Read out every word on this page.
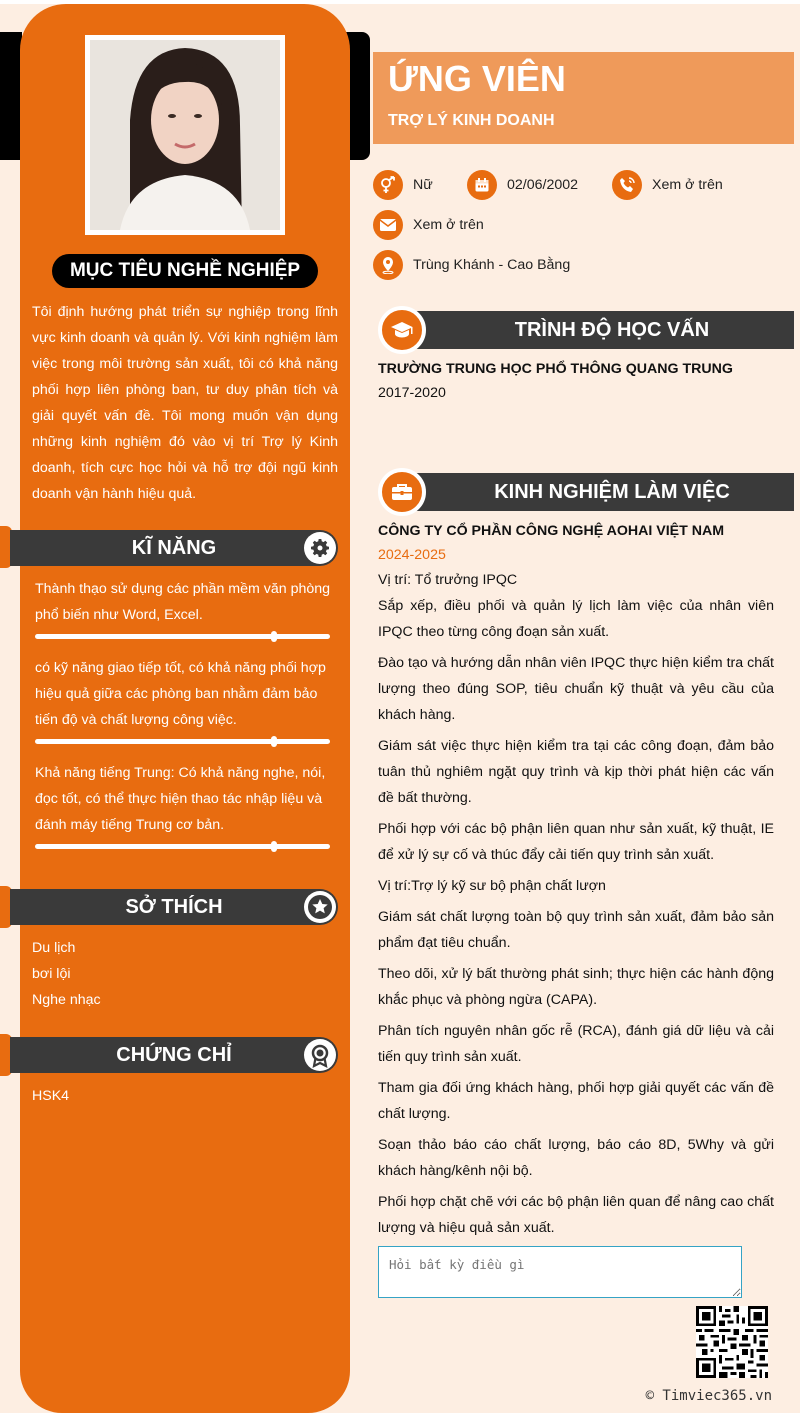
MỤC TIÊU NGHỀ NGHIỆP
Tôi định hướng phát triển sự nghiệp trong lĩnh vực kinh doanh và quản lý. Với kinh nghiệm làm việc trong môi trường sản xuất, tôi có khả năng phối hợp liên phòng ban, tư duy phân tích và giải quyết vấn đề. Tôi mong muốn vận dụng những kinh nghiệm đó vào vị trí Trợ lý Kinh doanh, tích cực học hỏi và hỗ trợ đội ngũ kinh doanh vận hành hiệu quả.
KĨ NĂNG
Thành thạo sử dụng các phần mềm văn phòng phổ biến như Word, Excel.
có kỹ năng giao tiếp tốt, có khả năng phối hợp hiệu quả giữa các phòng ban nhằm đảm bảo tiến độ và chất lượng công việc.
Khả năng tiếng Trung: Có khả năng nghe, nói, đọc tốt, có thể thực hiện thao tác nhập liệu và đánh máy tiếng Trung cơ bản.
SỞ THÍCH
Du lịch
bơi lội
Nghe nhạc
CHỨNG CHỈ
HSK4
ỨNG VIÊN
TRỢ LÝ KINH DOANH
Nữ	02/06/2002	Xem ở trên
Xem ở trên
Trùng Khánh - Cao Bằng
TRÌNH ĐỘ HỌC VẤN
TRƯỜNG TRUNG HỌC PHỔ THÔNG QUANG TRUNG
2017-2020
KINH NGHIỆM LÀM VIỆC
CÔNG TY CỔ PHẦN CÔNG NGHỆ AOHAI VIỆT NAM
2024-2025
Vị trí: Tổ trưởng IPQC
Sắp xếp, điều phối và quản lý lịch làm việc của nhân viên IPQC theo từng công đoạn sản xuất.
Đào tạo và hướng dẫn nhân viên IPQC thực hiện kiểm tra chất lượng theo đúng SOP, tiêu chuẩn kỹ thuật và yêu cầu của khách hàng.
Giám sát việc thực hiện kiểm tra tại các công đoạn, đảm bảo tuân thủ nghiêm ngặt quy trình và kịp thời phát hiện các vấn đề bất thường.
Phối hợp với các bộ phận liên quan như sản xuất, kỹ thuật, IE để xử lý sự cố và thúc đẩy cải tiến quy trình sản xuất.
Vị trí:Trợ lý kỹ sư bộ phận chất lượn
Giám sát chất lượng toàn bộ quy trình sản xuất, đảm bảo sản phẩm đạt tiêu chuẩn.
Theo dõi, xử lý bất thường phát sinh; thực hiện các hành động khắc phục và phòng ngừa (CAPA).
Phân tích nguyên nhân gốc rễ (RCA), đánh giá dữ liệu và cải tiến quy trình sản xuất.
Tham gia đối ứng khách hàng, phối hợp giải quyết các vấn đề chất lượng.
Soạn thảo báo cáo chất lượng, báo cáo 8D, 5Why và gửi khách hàng/kênh nội bộ.
Phối hợp chặt chẽ với các bộ phận liên quan để nâng cao chất lượng và hiệu quả sản xuất.
Hỏi bất kỳ điều gì
© Timviec365.vn
